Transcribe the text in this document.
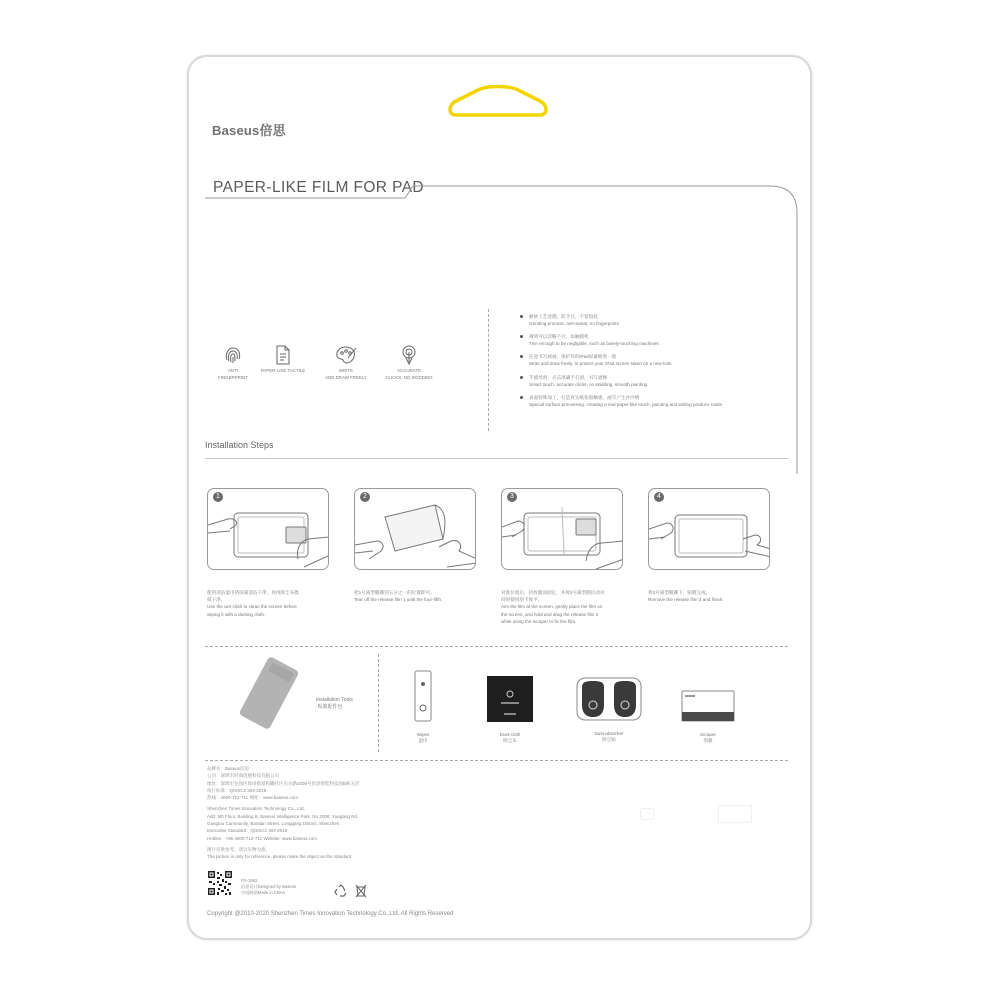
Baseus倍思
PAPER-LIKE FILM FOR PAD
ANTI
FINGERPRINT
PAPER-LIKE TACTILE	WRITE
AND DRAW FREELY
ACCURATE
CLICKS, NO SKIDDING
磨砂工艺处理，防手汗，不留指纹
Grinding process, anti-sweat, no fingerprints
薄到可以忽略不计，如触摸机
Thin enough to be negligible, such as barely-touching machines
任意书写画画，保护你的iPad屏幕焕然一新
Write and draw freely, to protect your iPad screen taken on a new look
手感丝滑，点击准确不打滑，书写流畅
Smart touch, accurate clicks, no skidding, smooth painting
表面特殊加工，打造真实纸张般触感，画写产生沙沙响
Special surface processing, creating a real paper-like touch, painting and writing produce rustle
Installation Steps
1
使用清洁湿巾将屏幕清洁干净，再用除尘布擦
拭干净。
Use the wet cloth to clean the screen before
wiping it with a dusting cloth.
2
把1号离型膜撕到五分之一的位置即可。
Tear off the release film 1 until the four-fifth.
3
对准位置后，轻放膜面固定，并将2号离型膜拉动并
同时使用刮卡推平。
Aim the film at the screen, gently place the film on
the screen, and hold and drag the release film 2
while using the scraper to fix the film.
4
将3号离型膜撕下，贴膜完成。
Remove the release film 3 and finish.
Installation Tools
·贴膜配件包
Wipes
湿巾
Dust-cloth
除尘布
Dust-absorber
除尘贴
Scraper
刮板

品牌名：Baseus倍思

公司：深圳市时商创展科技有限公司

地址：深圳市龙岗区坂田街道和磡社区贝尔路2008号倍思智能科技园B栋五层

执行标准：Q/SSC2 304-2019

热线：4000-712-711 网址：www.baseus.com

Shenzhen Times Innovation Technology Co., Ltd.

Add: 5th Floor, Building B, Baseus Intelligence Park, No.2008, Xuegang Rd,

Gangtou Community, Bantian Street, Longgang District, Shenzhen

Executive Standard：Q/SSC2 304-2019

Hotline：+86 4000-712-711 Website: www.baseus.com

图片仅供参考，请以实物为准。

The picture is only for reference, please make the object as the standard.

PX-1982
倍思设计Designed by Baseus
中国制造Made in China
Copyright @2010-2020 Shenzhen Times Innovation Technology Co.,Ltd. All Rights Reserved
